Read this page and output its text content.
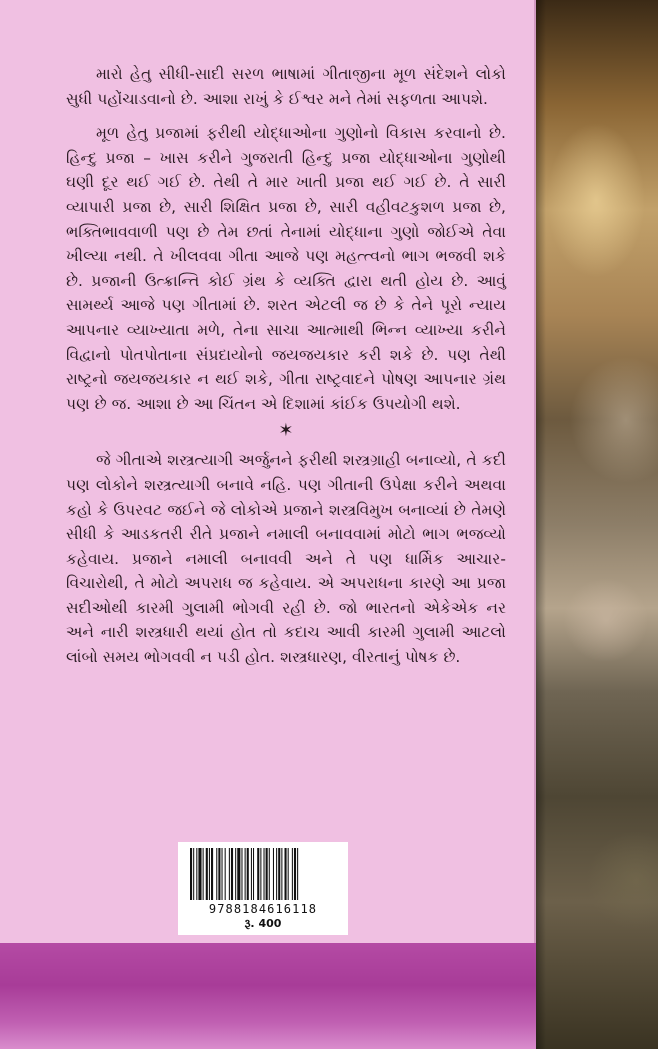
મારો હેતુ સીધી-સાદી સરળ ભાષામાં ગીતાજીના મૂળ સંદેશને લોકો સુધી પહોંચાડવાનો છે. આશા રાખું કે ઈશ્વર મને તેમાં સફળતા આપશે.

મૂળ હેતુ પ્રજામાં ફરીથી યોદ્ધાઓના ગુણોનો વિકાસ કરવાનો છે. હિન્દુ પ્રજા – ખાસ કરીને ગુજરાતી હિન્દુ પ્રજા યોદ્ધાઓના ગુણોથી ઘણી દૂર થઈ ગઈ છે. તેથી તે માર ખાતી પ્રજા થઈ ગઈ છે. તે સારી વ્યાપારી પ્રજા છે, સારી શિક્ષિત પ્રજા છે, સારી વહીવટકુશળ પ્રજા છે, ભક્તિભાવવાળી પણ છે તેમ છતાં તેનામાં યોદ્ધાના ગુણો જોઈએ તેવા ખીલ્યા નથી. તે ખીલવવા ગીતા આજે પણ મહત્ત્વનો ભાગ ભજવી શકે છે. પ્રજાની ઉત્ક્રાન્તિ કોઈ ગ્રંથ કે વ્યક્તિ દ્વારા થતી હોય છે. આવું સામર્થ્ય આજે પણ ગીતામાં છે. શરત એટલી જ છે કે તેને પૂરો ન્યાય આપનાર વ્યાખ્યાતા મળે, તેના સાચા આત્માથી ભિન્ન વ્યાખ્યા કરીને વિદ્વાનો પોતપોતાના સંપ્રદાયોનો જયજયકાર કરી શકે છે. પણ તેથી રાષ્ટ્રનો જયજયકાર ન થઈ શકે, ગીતા રાષ્ટ્રવાદને પોષણ આપનાર ગ્રંથ પણ છે જ. આશા છે આ ચિંતન એ દિશામાં કાંઈક ઉપયોગી થશે.

✶

જે ગીતાએ શસ્ત્રત્યાગી અર્જુનને ફરીથી શસ્ત્રગ્રાહી બનાવ્યો, તે કદી પણ લોકોને શસ્ત્રત્યાગી બનાવે નહિ. પણ ગીતાની ઉપેક્ષા કરીને અથવા કહો કે ઉપરવટ જઈને જે લોકોએ પ્રજાને શસ્ત્રવિમુખ બનાવ્યાં છે તેમણે સીધી કે આડકતરી રીતે પ્રજાને નમાલી બનાવવામાં મોટો ભાગ ભજવ્યો કહેવાય. પ્રજાને નમાલી બનાવવી અને તે પણ ધાર્મિક આચાર-વિચારોથી, તે મોટો અપરાધ જ કહેવાય. એ અપરાધના કારણે આ પ્રજા સદીઓથી કારમી ગુલામી ભોગવી રહી છે. જો ભારતનો એકેએક નર અને નારી શસ્ત્રધારી થયાં હોત તો કદાચ આવી કારમી ગુલામી આટલો લાંબો સમય ભોગવવી ન પડી હોત. શસ્ત્રધારણ, વીરતાનું પોષક છે.

9788184616118
રૂ. 400
